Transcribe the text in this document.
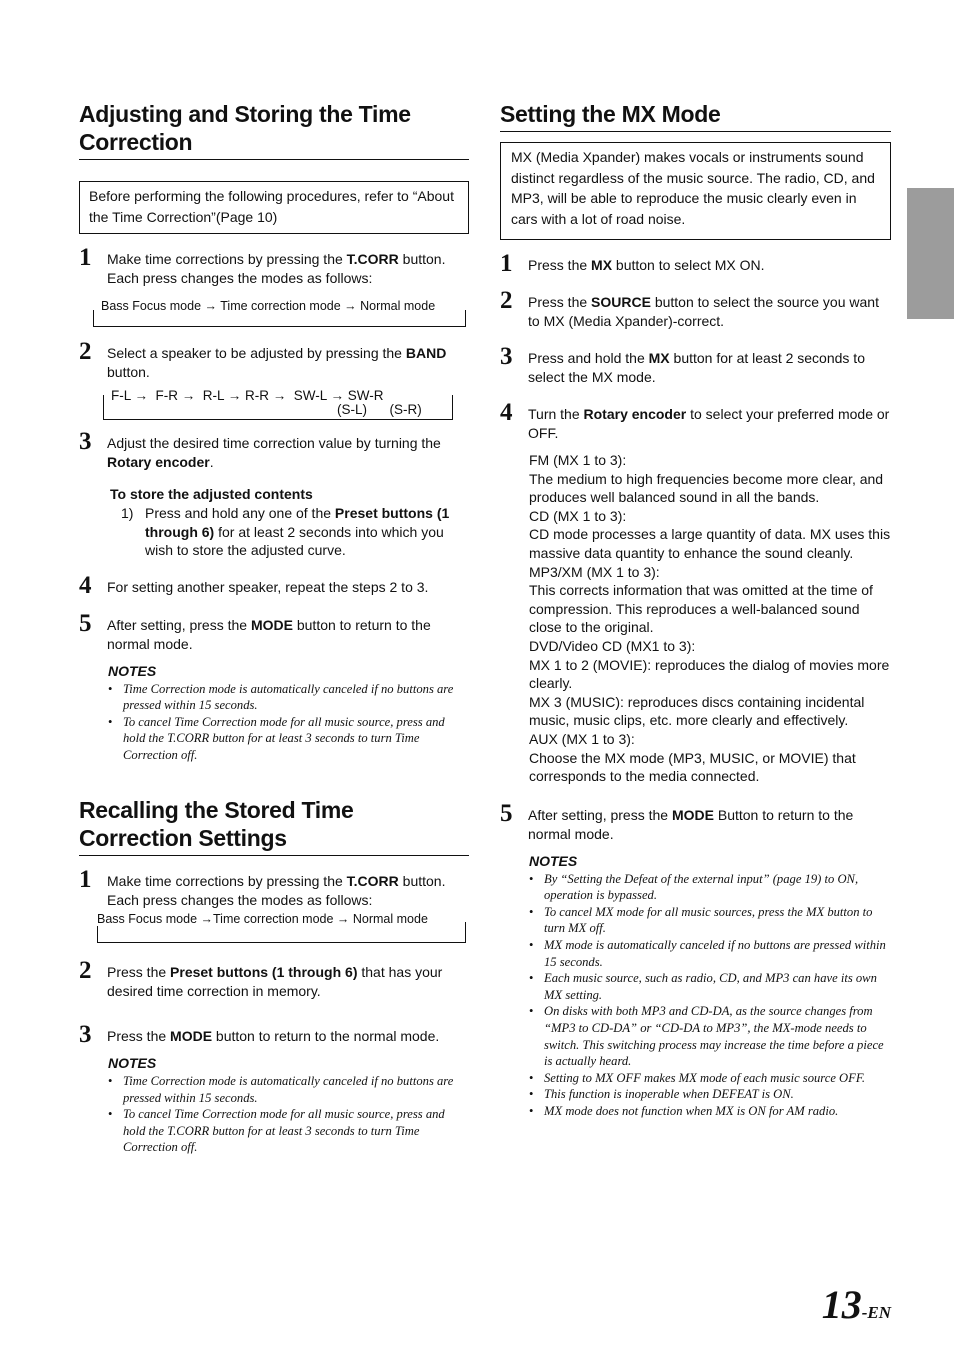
Adjusting and Storing the Time Correction
Before performing the following procedures, refer to “About the Time Correction”(Page 10)
1 Make time corrections by pressing the T.CORR button. Each press changes the modes as follows:
Bass Focus mode → Time correction mode → Normal mode
2 Select a speaker to be adjusted by pressing the BAND button.
F-L →  F-R →  R-L → R-R →  SW-L → SW-R
(S-L)      (S-R)
3 Adjust the desired time correction value by turning the Rotary encoder.
To store the adjusted contents
1) Press and hold any one of the Preset buttons (1 through 6) for at least 2 seconds into which you wish to store the adjusted curve.
4 For setting another speaker, repeat the steps 2 to 3.
5 After setting, press the MODE button to return to the normal mode.
NOTES
• Time Correction mode is automatically canceled if no buttons are pressed within 15 seconds.
• To cancel Time Correction mode for all music source, press and hold the T.CORR button for at least 3 seconds to turn Time Correction off.
Recalling the Stored Time Correction Settings
1 Make time corrections by pressing the T.CORR button. Each press changes the modes as follows:
Bass Focus mode →Time correction mode → Normal mode
2 Press the Preset buttons (1 through 6) that has your desired time correction in memory.
3 Press the MODE button to return to the normal mode.
NOTES
• Time Correction mode is automatically canceled if no buttons are pressed within 15 seconds.
• To cancel Time Correction mode for all music source, press and hold the T.CORR button for at least 3 seconds to turn Time Correction off.
Setting the MX Mode
MX (Media Xpander) makes vocals or instruments sound distinct regardless of the music source. The radio, CD, and MP3, will be able to reproduce the music clearly even in cars with a lot of road noise.
1 Press the MX button to select MX ON.
2 Press the SOURCE button to select the source you want to MX (Media Xpander)-correct.
3 Press and hold the MX button for at least 2 seconds to select the MX mode.
4 Turn the Rotary encoder to select your preferred mode or OFF.
FM (MX 1 to 3):
The medium to high frequencies become more clear, and produces well balanced sound in all the bands.
CD (MX 1 to 3):
CD mode processes a large quantity of data. MX uses this massive data quantity to enhance the sound cleanly.
MP3/XM (MX 1 to 3):
This corrects information that was omitted at the time of compression. This reproduces a well-balanced sound close to the original.
DVD/Video CD (MX1 to 3):
MX 1 to 2 (MOVIE): reproduces the dialog of movies more clearly.
MX 3 (MUSIC): reproduces discs containing incidental music, music clips, etc. more clearly and effectively.
AUX (MX 1 to 3):
Choose the MX mode (MP3, MUSIC, or MOVIE) that corresponds to the media connected.
5 After setting, press the MODE Button to return to the normal mode.
NOTES
• By “Setting the Defeat of the external input” (page 19) to ON, operation is bypassed.
• To cancel MX mode for all music sources, press the MX button to turn MX off.
• MX mode is automatically canceled if no buttons are pressed within 15 seconds.
• Each music source, such as radio, CD, and MP3 can have its own MX setting.
• On disks with both MP3 and CD-DA, as the source changes from “MP3 to CD-DA” or “CD-DA to MP3”, the MX-mode needs to switch. This switching process may increase the time before a piece is actually heard.
• Setting to MX OFF makes MX mode of each music source OFF.
• This function is inoperable when DEFEAT is ON.
• MX mode does not function when MX is ON for AM radio.
13-EN
